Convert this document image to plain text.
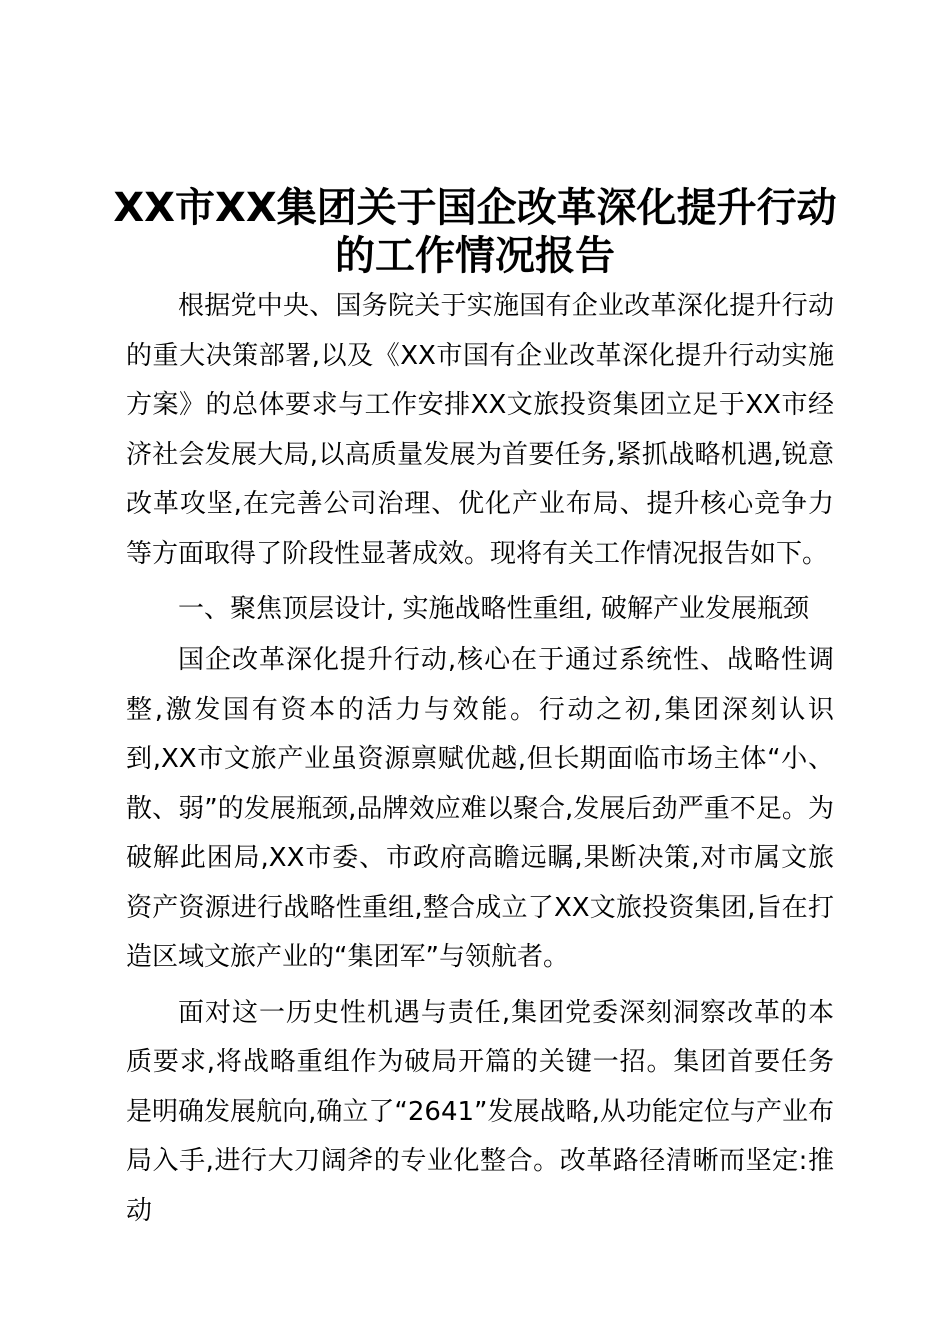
XX市XX集团关于国企改革深化提升行动的工作情况报告

根据党中央、国务院关于实施国有企业改革深化提升行动的重大决策部署,以及《XX市国有企业改革深化提升行动实施方案》的总体要求与工作安排XX文旅投资集团立足于XX市经济社会发展大局,以高质量发展为首要任务,紧抓战略机遇,锐意改革攻坚,在完善公司治理、优化产业布局、提升核心竞争力等方面取得了阶段性显著成效。现将有关工作情况报告如下。

一、聚焦顶层设计, 实施战略性重组, 破解产业发展瓶颈

国企改革深化提升行动,核心在于通过系统性、战略性调整,激发国有资本的活力与效能。行动之初,集团深刻认识到,XX市文旅产业虽资源禀赋优越,但长期面临市场主体“小、散、弱”的发展瓶颈,品牌效应难以聚合,发展后劲严重不足。为破解此困局,XX市委、市政府高瞻远瞩,果断决策,对市属文旅资产资源进行战略性重组,整合成立了XX文旅投资集团,旨在打造区域文旅产业的“集团军”与领航者。

面对这一历史性机遇与责任,集团党委深刻洞察改革的本质要求,将战略重组作为破局开篇的关键一招。集团首要任务是明确发展航向,确立了“2641”发展战略,从功能定位与产业布局入手,进行大刀阔斧的专业化整合。改革路径清晰而坚定:推动
